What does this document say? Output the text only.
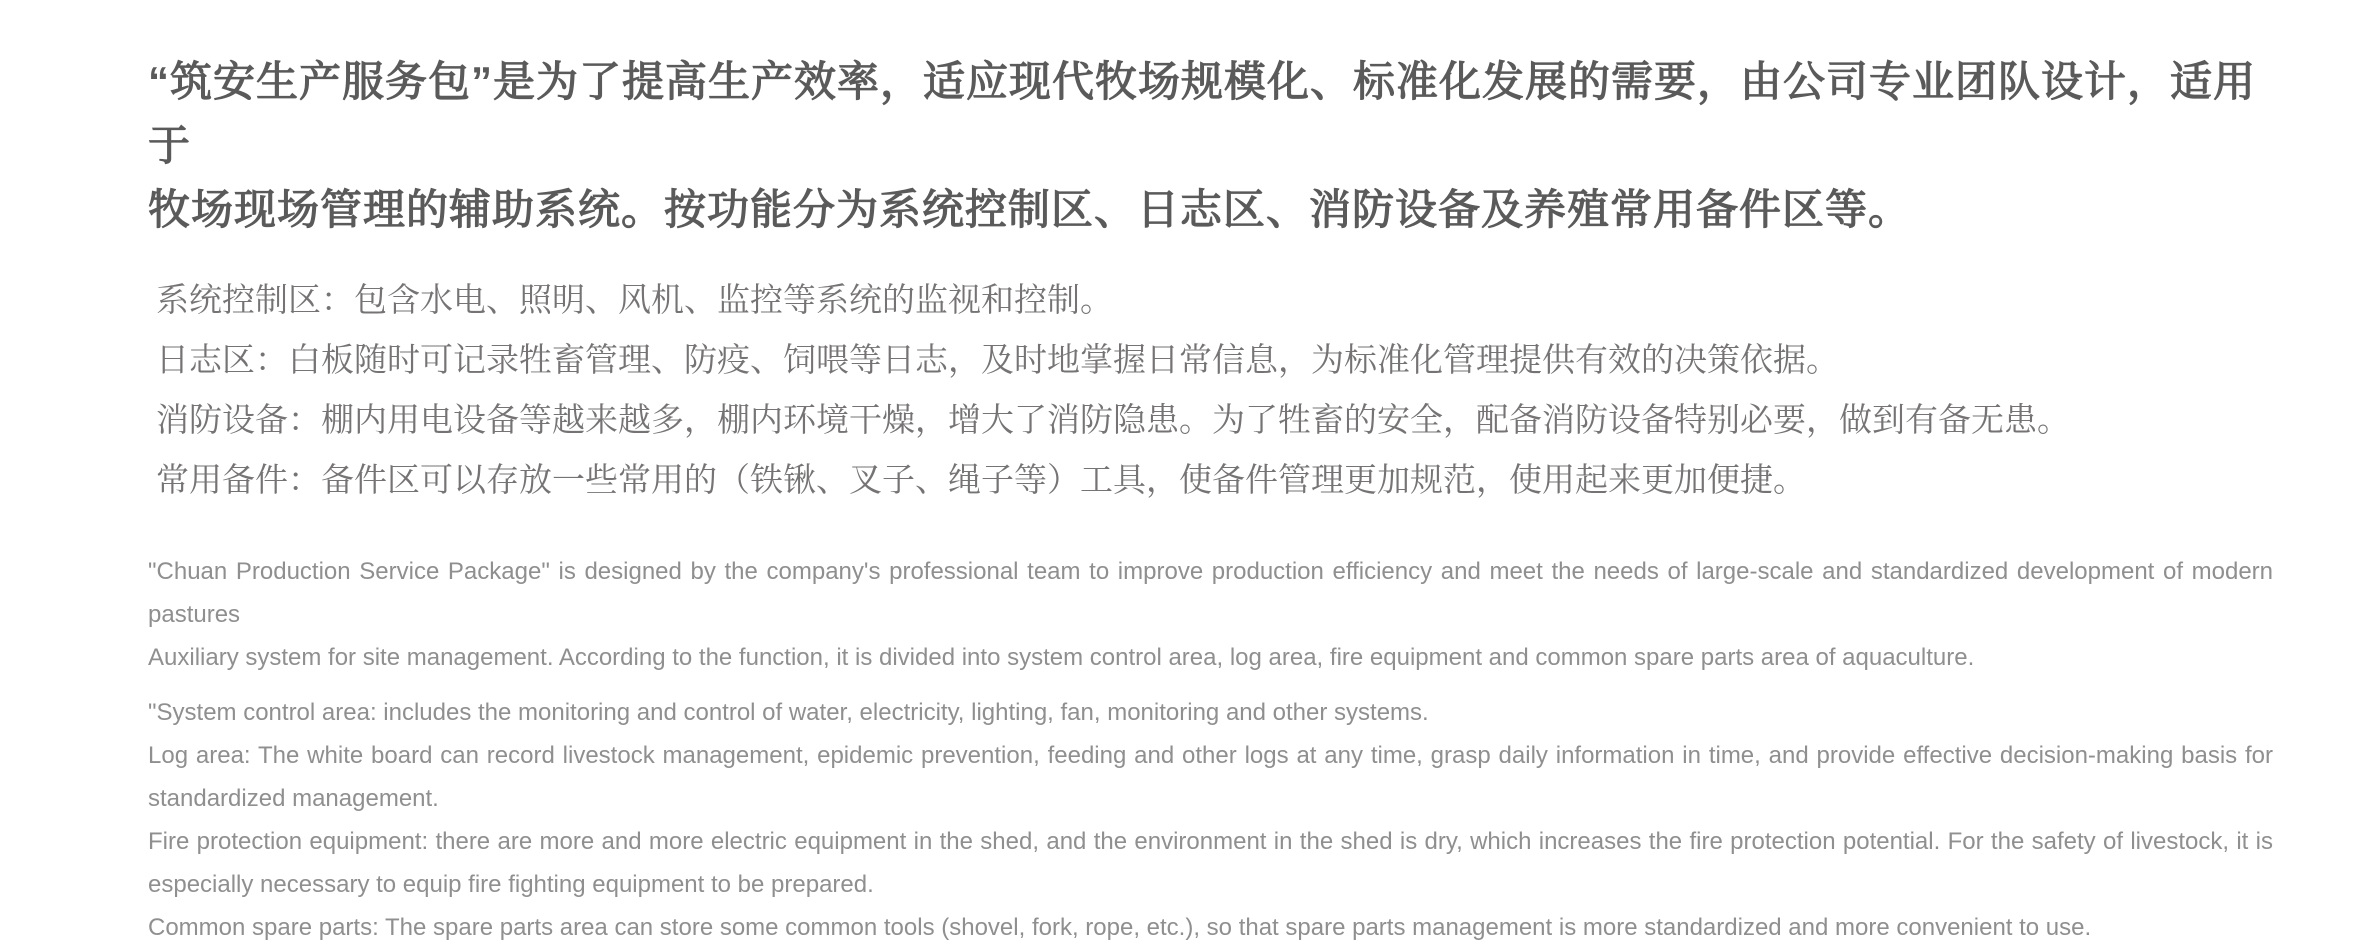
“筑安生产服务包”是为了提高生产效率，适应现代牧场规模化、标准化发展的需要，由公司专业团队设计，适用于
牧场现场管理的辅助系统。按功能分为系统控制区、日志区、消防设备及养殖常用备件区等。
系统控制区：包含水电、照明、风机、监控等系统的监视和控制。
日志区：白板随时可记录牲畜管理、防疫、饲喂等日志，及时地掌握日常信息，为标准化管理提供有效的决策依据。
消防设备：棚内用电设备等越来越多，棚内环境干燥，增大了消防隐患。为了牲畜的安全，配备消防设备特别必要，做到有备无患。
常用备件：备件区可以存放一些常用的（铁锹、叉子、绳子等）工具，使备件管理更加规范，使用起来更加便捷。

"Chuan Production Service Package" is designed by the company's professional team to improve production efficiency and meet the needs of large-scale and standardized development of modern pastures

Auxiliary system for site management. According to the function, it is divided into system control area, log area, fire equipment and common spare parts area of aquaculture.

"System control area: includes the monitoring and control of water, electricity, lighting, fan, monitoring and other systems.

Log area: The white board can record livestock management, epidemic prevention, feeding and other logs at any time, grasp daily information in time, and provide effective decision-making basis for standardized management.

Fire protection equipment: there are more and more electric equipment in the shed, and the environment in the shed is dry, which increases the fire protection potential. For the safety of livestock, it is especially necessary to equip fire fighting equipment to be prepared.

Common spare parts: The spare parts area can store some common tools (shovel, fork, rope, etc.), so that spare parts management is more standardized and more convenient to use.
